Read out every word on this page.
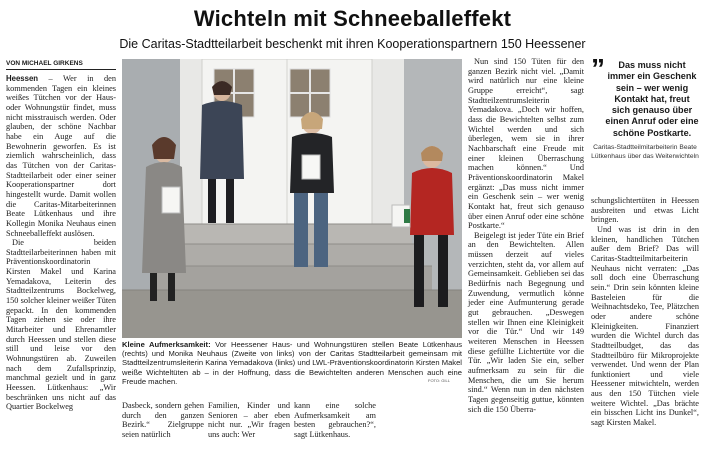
Wichteln mit Schneeballeffekt
Die Caritas-Stadtteilarbeit beschenkt mit ihren Kooperationspartnern 150 Heessener
VON MICHAEL GIRKENS

Heessen – Wer in den kommenden Tagen ein kleines weißes Tütchen vor der Haus- oder Wohnungstür findet, muss nicht misstrauisch werden. Oder glauben, der schöne Nachbar habe ein Auge auf die Bewohnerin geworfen. Es ist ziemlich wahrscheinlich, dass das Tütchen von der Caritas-Stadtteilarbeit oder einer seiner Kooperationspartner dort hingestellt wurde. Damit wollen die Caritas-Mitarbeiterinnen Beate Lütkenhaus und ihre Kollegin Monika Neuhaus einen Schneeballeffekt auslösen.

Die beiden Stadtteilarbeiterinnen haben mit Präventionskoordinatorin Kirsten Makel und Karina Yemadakova, Leiterin des Stadtteilzentrums Bockelweg, 150 solcher kleiner weißer Tüten gepackt. In den kommenden Tagen ziehen sie oder ihre Mitarbeiter und Ehrenamtler durch Heessen und stellen diese still und leise vor den Wohnungstüren ab. Zuweilen nach dem Zufallsprinzip, manchmal gezielt und in ganz Heessen. Lütkenhaus: „Wir beschränken uns nicht auf das Quartier Bockelweg

Kleine Aufmerksamkeit: Vor Heessener Haus- und Wohnungstüren stellen Beate Lütkenhaus (rechts) und Monika Neuhaus (Zweite von links) von der Caritas Stadtteilarbeit gemeinsam mit Stadtteilzentrumsleiterin Karina Yemadakova (links) und LWL-Präventionskoordinatorin Kirsten Makel weiße Wichteltüten ab – in der Hoffnung, dass die Bewichtelten anderen Menschen auch eine Freude machen.	FOTO: GILL
Dasbeck, sondern gehen durch den ganzen Bezirk.“ Zielgruppe seien natürlich
Familien, Kinder und Senioren – aber eben nicht nur. „Wir fragen uns auch: Wer
kann eine solche Aufmerksamkeit am besten gebrauchen?“, sagt Lütkenhaus.

Nun sind 150 Tüten für den ganzen Bezirk nicht viel. „Damit wird natürlich nur eine kleine Gruppe erreicht“, sagt Stadtteilzentrumsleiterin Yemadakova. „Doch wir hoffen, dass die Bewichtelten selbst zum Wichtel werden und sich überlegen, wem sie in ihrer Nachbarschaft eine Freude mit einer kleinen Überraschung machen können.“ Und Präventionskoordinatorin Makel ergänzt: „Das muss nicht immer ein Geschenk sein – wer wenig Kontakt hat, freut sich genauso über einen Anruf oder eine schöne Postkarte.“

Beigelegt ist jeder Tüte ein Brief an den Bewichtelten. Allen müssen derzeit auf vieles verzichten, steht da, vor allem auf Gemeinsamkeit. Geblieben sei das Bedürfnis nach Begegnung und Zuwendung, vermutlich könne jeder eine Aufmunterung gerade gut gebrauchen. „Deswegen stellen wir Ihnen eine Kleinigkeit vor die Tür.“ Und wir 149 weiteren Menschen in Heessen diese gefüllte Lichtertüte vor die Tür. „Wir laden Sie ein, selber aufmerksam zu sein für die Menschen, die um Sie herum sind.“ Wenn nun in den nächsten Tagen gegenseitig guttue, könnten sich die 150 Überra-

”	Das muss nicht immer ein Geschenk sein – wer wenig Kontakt hat, freut sich genauso über einen Anruf oder eine schöne Postkarte.
Caritas-Stadtteilmitarbeiterin Beate Lütkenhaus über das Weiterwichteln

schungslichtertüten in Heessen ausbreiten und etwas Licht bringen.

Und was ist drin in den kleinen, handlichen Tütchen außer dem Brief? Das will Caritas-Stadtteilmitarbeiterin Neuhaus nicht verraten: „Das soll doch eine Überraschung sein.“ Drin sein könnten kleine Basteleien für die Weihnachtsdeko, Tee, Plätzchen oder andere schöne Kleinigkeiten. Finanziert wurden die Wichtel durch das Stadtteilbudget, das das Stadtteilbüro für Mikroprojekte verwendet. Und wenn der Plan funktioniert und viele Heessener mitwichteln, werden aus den 150 Tütchen viele weitere Wichtel. „Das brächte ein bisschen Licht ins Dunkel“, sagt Kirsten Makel.
